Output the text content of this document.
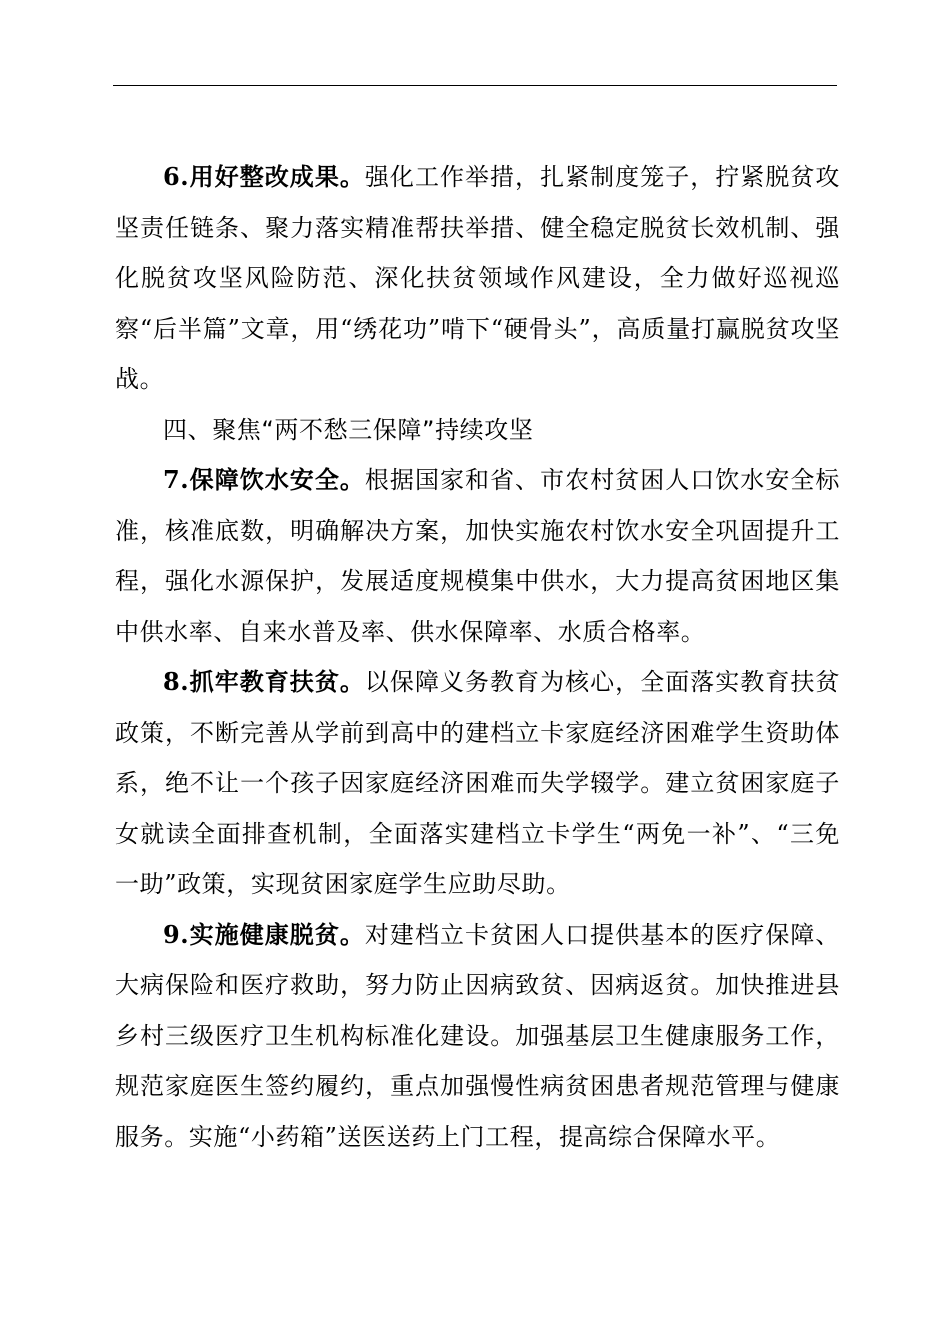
6.用好整改成果。强化工作举措，扎紧制度笼子，拧紧脱贫攻坚责任链条、聚力落实精准帮扶举措、健全稳定脱贫长效机制、强化脱贫攻坚风险防范、深化扶贫领域作风建设，全力做好巡视巡察“后半篇”文章，用“绣花功”啃下“硬骨头”，高质量打赢脱贫攻坚战。

四、聚焦“两不愁三保障”持续攻坚

7.保障饮水安全。根据国家和省、市农村贫困人口饮水安全标准，核准底数，明确解决方案，加快实施农村饮水安全巩固提升工程，强化水源保护，发展适度规模集中供水，大力提高贫困地区集中供水率、自来水普及率、供水保障率、水质合格率。

8.抓牢教育扶贫。以保障义务教育为核心，全面落实教育扶贫政策，不断完善从学前到高中的建档立卡家庭经济困难学生资助体系，绝不让一个孩子因家庭经济困难而失学辍学。建立贫困家庭子女就读全面排查机制，全面落实建档立卡学生“两免一补”、“三免一助”政策，实现贫困家庭学生应助尽助。

9.实施健康脱贫。对建档立卡贫困人口提供基本的医疗保障、大病保险和医疗救助，努力防止因病致贫、因病返贫。加快推进县乡村三级医疗卫生机构标准化建设。加强基层卫生健康服务工作，规范家庭医生签约履约，重点加强慢性病贫困患者规范管理与健康服务。实施“小药箱”送医送药上门工程，提高综合保障水平。
